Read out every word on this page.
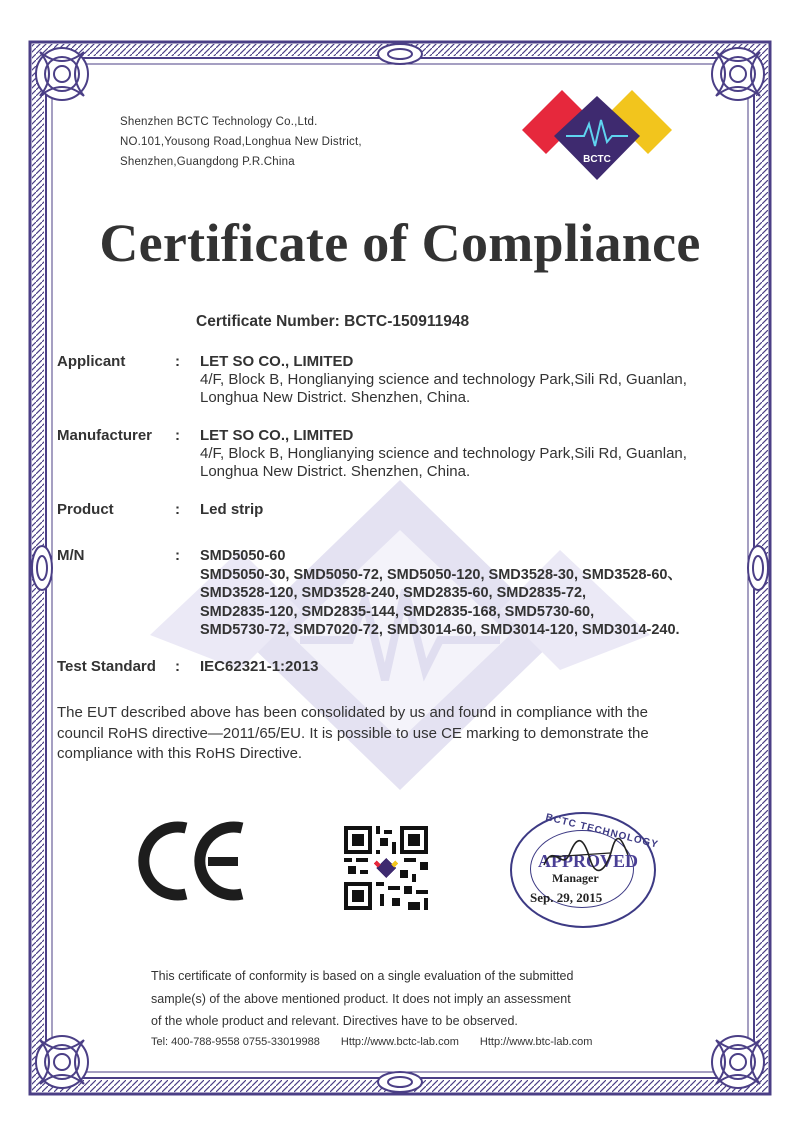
Shenzhen BCTC Technology Co.,Ltd.
NO.101,Yousong Road,Longhua New District,
Shenzhen,Guangdong P.R.China	BCTC
Certificate of Compliance
Certificate Number: BCTC-150911948
Applicant	: LET SO CO., LIMITED
4/F, Block B, Honglianying science and technology Park,Sili Rd, Guanlan,
Longhua New District. Shenzhen, China.
Manufacturer : LET SO CO., LIMITED
4/F, Block B, Honglianying science and technology Park,Sili Rd, Guanlan,
Longhua New District. Shenzhen, China.
Product	: Led strip
M/N	: SMD5050-60
SMD5050-30, SMD5050-72, SMD5050-120, SMD3528-30, SMD3528-60、
SMD3528-120, SMD3528-240, SMD2835-60, SMD2835-72,
SMD2835-120, SMD2835-144, SMD2835-168, SMD5730-60,
SMD5730-72, SMD7020-72, SMD3014-60, SMD3014-120, SMD3014-240.
Test Standard : IEC62321-1:2013
The EUT described above has been consolidated by us and found in compliance with the
council RoHS directive—2011/65/EU. It is possible to use CE marking to demonstrate the
compliance with this RoHS Directive.
BCTC TECHNOLOGY
APPROVED
Manager
Sep. 29, 2015
This certificate of conformity is based on a single evaluation of the submitted
sample(s) of the above mentioned product. It does not imply an assessment
of the whole product and relevant. Directives have to be observed.
Tel: 400-788-9558 0755-33019988 Http://www.bctc-lab.com Http://www.btc-lab.com
